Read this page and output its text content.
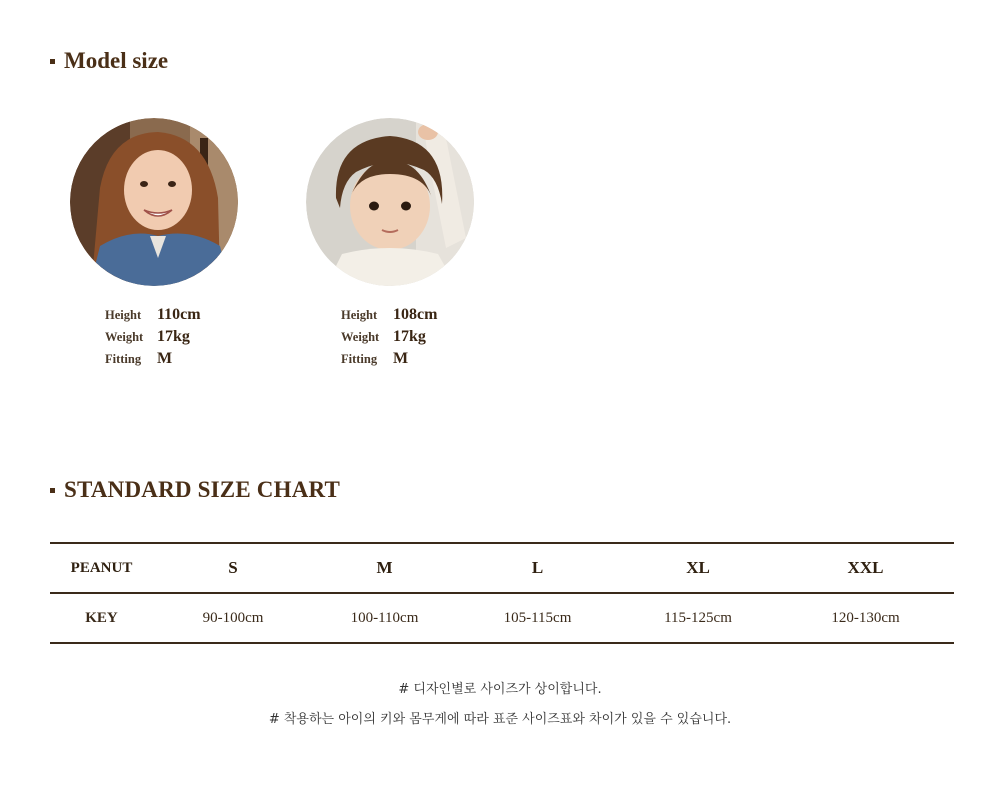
Model size
Height 110cm
Weight 17kg
Fitting M
Height 108cm
Weight 17kg
Fitting M
STANDARD SIZE CHART
PEANUT	S	M	L	XL	XXL
KEY	90-100cm	100-110cm	105-115cm	115-125cm	120-130cm
# 디자인별로 사이즈가 상이합니다.
# 착용하는 아이의 키와 몸무게에 따라 표준 사이즈표와 차이가 있을 수 있습니다.
